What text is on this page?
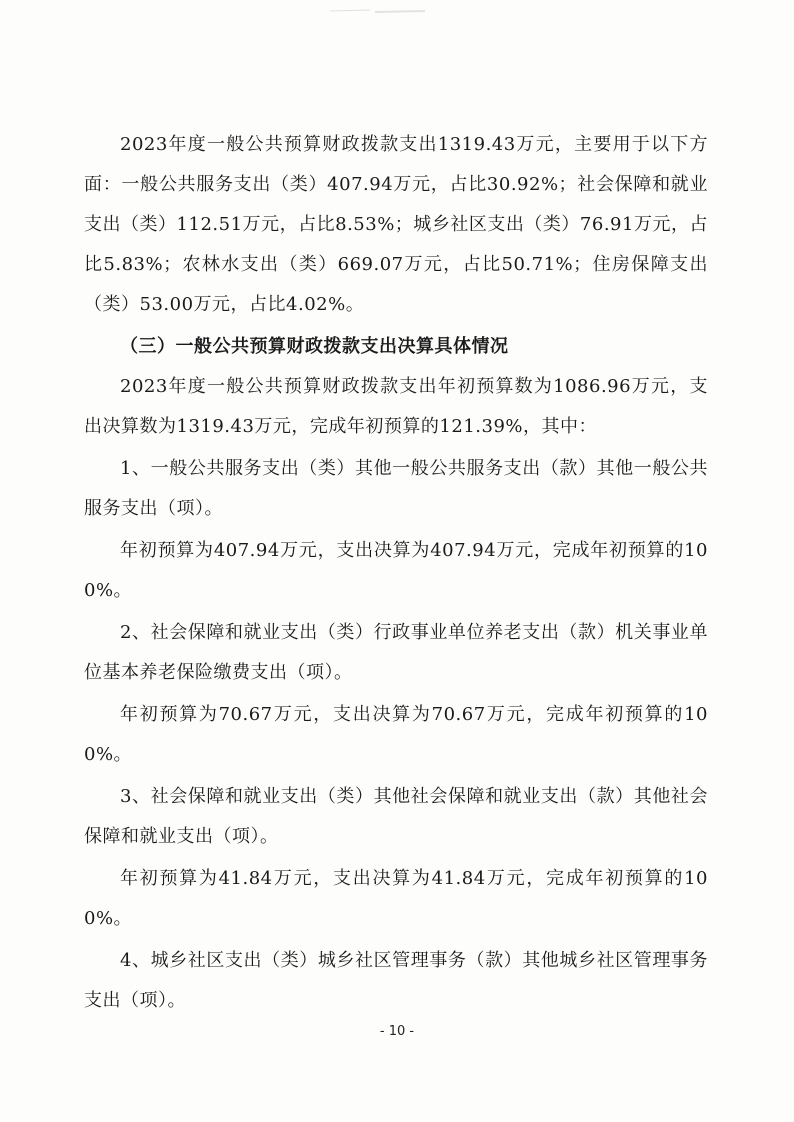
2023年度一般公共预算财政拨款支出1319.43万元，主要用于以下方面：一般公共服务支出（类）407.94万元，占比30.92%；社会保障和就业支出（类）112.51万元，占比8.53%；城乡社区支出（类）76.91万元，占比5.83%；农林水支出（类）669.07万元，占比50.71%；住房保障支出（类）53.00万元，占比4.02%。

（三）一般公共预算财政拨款支出决算具体情况

2023年度一般公共预算财政拨款支出年初预算数为1086.96万元，支出决算数为1319.43万元，完成年初预算的121.39%，其中：

1、一般公共服务支出（类）其他一般公共服务支出（款）其他一般公共服务支出（项）。

年初预算为407.94万元，支出决算为407.94万元，完成年初预算的100%。

2、社会保障和就业支出（类）行政事业单位养老支出（款）机关事业单位基本养老保险缴费支出（项）。

年初预算为70.67万元，支出决算为70.67万元，完成年初预算的100%。

3、社会保障和就业支出（类）其他社会保障和就业支出（款）其他社会保障和就业支出（项）。

年初预算为41.84万元，支出决算为41.84万元，完成年初预算的100%。

4、城乡社区支出（类）城乡社区管理事务（款）其他城乡社区管理事务支出（项）。

- 10 -
